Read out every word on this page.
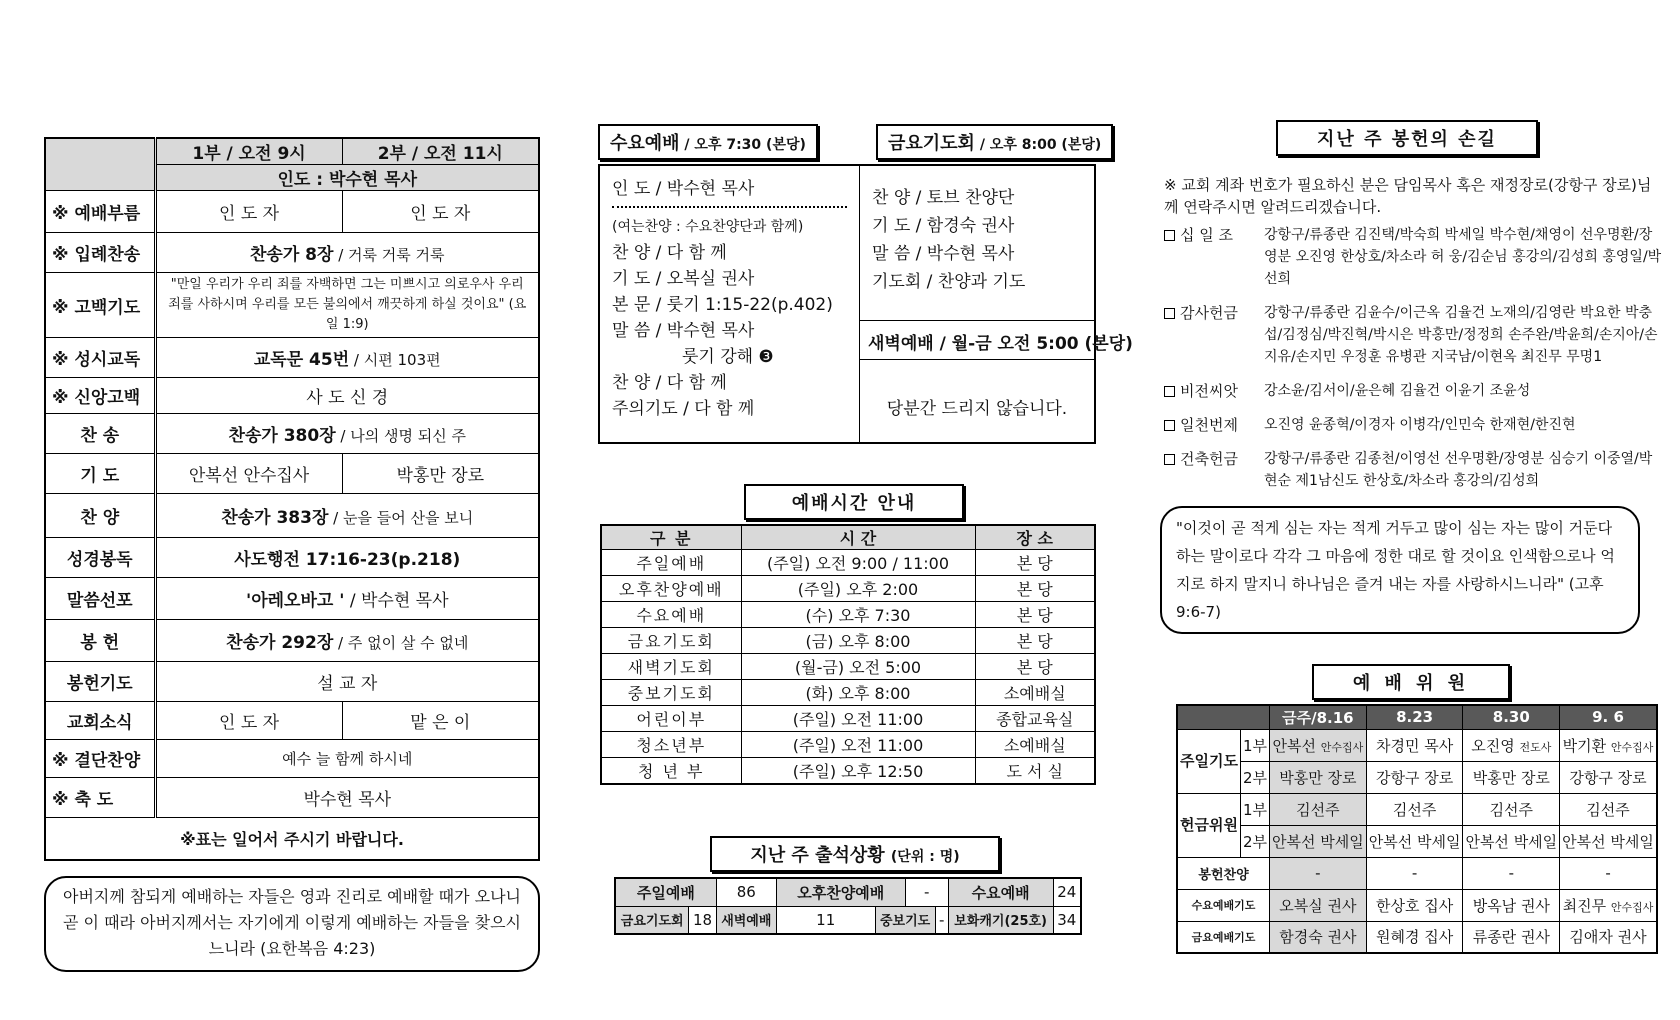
	1부 / 오전 9시	2부 / 오전 11시
	인도 : 박수현 목사	
※ 예배부름	인 도 자	인 도 자
※ 입례찬송	찬송가 8장 / 거룩 거룩 거룩	
※ 고백기도	"만일 우리가 우리 죄를 자백하면 그는 미쁘시고 의로우사 우리 죄를 사하시며 우리를 모든 불의에서 깨끗하게 하실 것이요" (요일 1:9)	
※ 성시교독	교독문 45번 / 시편 103편	
※ 신앙고백	사 도 신 경	
찬 송	찬송가 380장 / 나의 생명 되신 주	
기 도	안복선 안수집사	박홍만 장로
찬 양	찬송가 383장 / 눈을 들어 산을 보니	
성경봉독	사도행전 17:16-23(p.218)	
말씀선포	'아레오바고 ' / 박수현 목사	
봉 헌	찬송가 292장 / 주 없이 살 수 없네	
봉헌기도	설 교 자	
교회소식	인 도 자	맡 은 이
※ 결단찬양	예수 늘 함께 하시네	
※ 축 도	박수현 목사	
※표는 일어서 주시기 바랍니다.		
아버지께 참되게 예배하는 자들은 영과 진리로 예배할 때가 오나니 곧 이 때라 아버지께서는 자기에게 이렇게 예배하는 자들을 찾으시느니라 (요한복음 4:23)
수요예배 / 오후 7:30 (본당)	금요기도회 / 오후 8:00 (본당)
인 도 / 박수현 목사
(여는찬양 : 수요찬양단과 함께)
찬 양 / 다 함 께
기 도 / 오복실 권사
본 문 / 룻기 1:15-22(p.402)
말 씀 / 박수현 목사
룻기 강해 ❸
찬 양 / 다 함 께
주의기도 / 다 함 께
찬 양 / 토브 찬양단
기 도 / 함경숙 권사
말 씀 / 박수현 목사
기도회 / 찬양과 기도
새벽예배 / 월-금 오전 5:00 (본당)
당분간 드리지 않습니다.
예배시간 안내
구 분	시 간	장 소
주일예배	(주일) 오전 9:00 / 11:00	본 당
오후찬양예배	(주일) 오후 2:00	본 당
수요예배	(수) 오후 7:30	본 당
금요기도회	(금) 오후 8:00	본 당
새벽기도회	(월-금) 오전 5:00	본 당
중보기도회	(화) 오후 8:00	소예배실
어린이부	(주일) 오전 11:00	종합교육실
청소년부	(주일) 오전 11:00	소예배실
청 년 부	(주일) 오후 12:50	도 서 실
지난 주 출석상황 (단위 : 명)
주일예배		86	오후찬양예배		-		수요예배	24
금요기도회	18	새벽예배	11	중보기도		-	보화캐기(25호)	34
지난 주 봉헌의 손길
※ 교회 계좌 번호가 필요하신 분은 담임목사 혹은 재정장로(강항구 장로)님께 연락주시면 알려드리겠습니다.
십 일 조 강항구/류종란 김진택/박숙희 박세일 박수현/채영이 선우명환/장영분 오진영 한상호/차소라 허 웅/김순님 홍강의/김성희 홍영일/박선희
감사헌금 강항구/류종란 김윤수/이근옥 김율건 노재의/김영란 박요한 박충섭/김정심/박진혁/박시은 박홍만/정정희 손주완/박윤희/손지아/손지유/손지민 우정훈 유병관 지국남/이현옥 최진무 무명1
비전씨앗 강소윤/김서이/윤은혜 김율건 이윤기 조윤성
일천번제 오진영 윤종혁/이경자 이병각/인민숙 한재현/한진현
건축헌금 강항구/류종란 김종천/이영선 선우명환/장영분 심승기 이중열/박현순 제1남신도 한상호/차소라 홍강의/김성희
"이것이 곧 적게 심는 자는 적게 거두고 많이 심는 자는 많이 거둔다 하는 말이로다 각각 그 마음에 정한 대로 할 것이요 인색함으로나 억지로 하지 말지니 하나님은 즐겨 내는 자를 사랑하시느니라" (고후 9:6-7)
예 배 위 원
		금주/8.16	8.23	8.30	9. 6
주일기도	1부	안복선 안수집사	차경민 목사	오진영 전도사	박기환 안수집사
	2부	박홍만 장로	강항구 장로	박홍만 장로	강항구 장로
헌금위원	1부	김선주	김선주	김선주	김선주
	2부	안복선 박세일	안복선 박세일	안복선 박세일	안복선 박세일
봉헌찬양		-	-	-	-
수요예배기도		오복실 권사	한상호 집사	방옥남 권사	최진무 안수집사
금요예배기도		함경숙 권사	원혜경 집사	류종란 권사	김애자 권사
